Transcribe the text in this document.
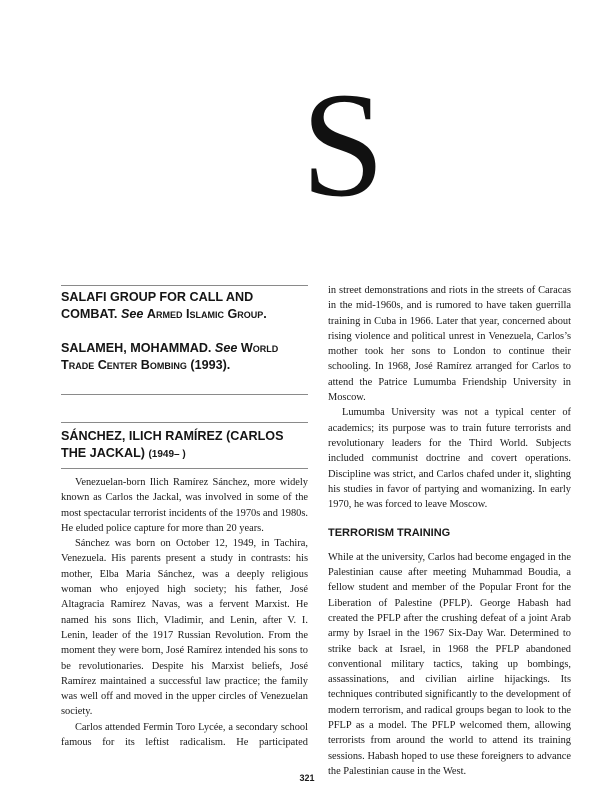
S
SALAFI GROUP FOR CALL AND COMBAT. See Armed Islamic Group.
SALAMEH, MOHAMMAD. See World Trade Center Bombing (1993).
SÁNCHEZ, ILICH RAMÍREZ (CARLOS THE JACKAL) (1949– )

Venezuelan-born Ilich Ramírez Sánchez, more widely known as Carlos the Jackal, was involved in some of the most spectacular terrorist incidents of the 1970s and 1980s. He eluded police capture for more than 20 years.

Sánchez was born on October 12, 1949, in Tachira, Venezuela. His parents present a study in contrasts: his mother, Elba Maria Sánchez, was a deeply religious woman who enjoyed high society; his father, José Altagracia Ramírez Navas, was a fervent Marxist. He named his sons Ilich, Vladimir, and Lenin, after V. I. Lenin, leader of the 1917 Russian Revolution. From the moment they were born, José Ramírez intended his sons to be revolutionaries. Despite his Marxist beliefs, José Ramírez maintained a successful law practice; the family was well off and moved in the upper circles of Venezuelan society.

Carlos attended Fermin Toro Lycée, a secondary school famous for its leftist radicalism. He participated

in street demonstrations and riots in the streets of Caracas in the mid-1960s, and is rumored to have taken guerrilla training in Cuba in 1966. Later that year, concerned about rising violence and political unrest in Venezuela, Carlos’s mother took her sons to London to continue their schooling. In 1968, José Ramírez arranged for Carlos to attend the Patrice Lumumba Friendship University in Moscow.

Lumumba University was not a typical center of academics; its purpose was to train future terrorists and revolutionary leaders for the Third World. Subjects included communist doctrine and covert operations. Discipline was strict, and Carlos chafed under it, slighting his studies in favor of partying and womanizing. In early 1970, he was forced to leave Moscow.

TERRORISM TRAINING

While at the university, Carlos had become engaged in the Palestinian cause after meeting Muhammad Boudia, a fellow student and member of the Popular Front for the Liberation of Palestine (PFLP). George Habash had created the PFLP after the crushing defeat of a joint Arab army by Israel in the 1967 Six-Day War. Determined to strike back at Israel, in 1968 the PFLP abandoned conventional military tactics, taking up bombings, assassinations, and civilian airline hijackings. Its techniques contributed significantly to the development of modern terrorism, and radical groups began to look to the PFLP as a model. The PFLP welcomed them, allowing terrorists from around the world to attend its training sessions. Habash hoped to use these foreigners to advance the Palestinian cause in the West.

321
